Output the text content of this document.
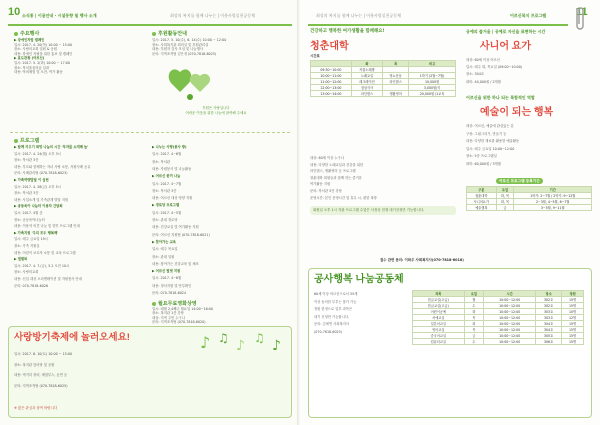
10 소식통 | 이용안내 · 시설동향 및 행사 소개	최상의 복지를 함께 나누는 | 이웃사랑실천공동체
주요행사
▶ 장애인자립 캠페인
일시: 2017. 4. 20(목) 10:00 ~ 15:00
장소: 사랑의교회 일원 & 공원
내용: 장애인 자립을 위한 홍보 및 캠페인
▶ 효도관광 (어르신)
일시: 2017. 5. 2(화) 10:00 ~ 17:00
장소: 북서울꿈의숲 일대
내용: 야외체험 및 오찬, 여가 활동
후원활동안내
일시: 2017. 5. 10(수), 6. 14(수) 10:00 ~ 12:00
장소: 사회복지관 회의실 및 후원관리실
내용: 후원자 감사 모임 및 나눔행사
문의: 지역조직팀 김은정 (070-7818-6025)
후원은 사랑입니다
어려운 이웃을 위한 나눔에 참여해 주세요
프로그램
▶ 함께 키우기 희망 나눔의 시간 '부자를 소개해 놀'
일시: 2017. 4. 24(월) 오후 3시
장소: 북서관 3층
내용: 부모와 함께하는 자녀 사랑 소통, 자원사례 공유
문의: 사례관리팀 (070-7818-6023)
▶ 가족역량발달 이 실현
일시: 2017. 4. 28(금) 오후 5시
장소: 북서관 3층
내용: 사업소개 및 가족관계 발달 지원
▶ 공동육아 나눔터 이용자 간담회
일시: 2017. 4월 중
장소: 공동육아나눔터
내용: 이용자 의견 나눔 및 향후 프로그램 안내
▶ 가족지원 '우리 모두 행복해'
일시: 매주 금요일 19시
장소: 가족 지원실
내용: 어린이 보호자 소통 및 교육 프로그램
▶ 앨범북
일시: 2017. 4. 7.(금), 5.2 오전 10시
장소: 사랑의교회
내용: 신입 대상 오리엔테이션 및 자원봉사 안내
문의: 070-7818-6026
▶ 나누는 사랑(봉사 방)
일시: 2017. 4~6월
장소: 북서관
내용: 자원봉사 및 나눔활동
▶ 어르신 한끼 나눔
일시: 2017. 4~7월
장소: 북서관 3층
내용: 어르신 대상 영양 지원
▶ 경로당 프로그램
일시: 2017. 4~5월
장소: 관내 경로당
내용: 건강교실 및 여가활동 지원
문의: 어르신 지원팀 (070-7818-6021)
▶ 찾아가는 교육
일시: 매주 목요일
장소: 관내 일원
내용: 찾아가는 건강교육 및 체조
▶ 어르신 말벗 지원
일시: 2017. 4~6월
내용: 정서지원 및 안부확인
문의: 070-7818-6024
월요무료영화상영
일시: 매월 2,4째주 월요일 14:00~16:00
장소: 복지관 1층 강당
대상: 지역 주민 누구나
문의: 지역조직팀 (070-7818-6020)
사랑방기축제에 놀러오세요!	♪ ♫ ♪ ♫ ♪
일시: 2017. 6. 10(토) 10:00 ~ 15:00
장소: 복지관 앞마당 및 공원
내용: 먹거리 장터, 체험부스, 공연 등
문의: 지역조직팀 (070-7818-6025)
※ 많은 관심과 참여 바랍니다
최상의 복지를 함께 나누는 | 이웃사랑실천공동체	어르신복지 프로그램	11
건강하고 행복한 여가생활을 함께해요!
청춘대학
시간표
	화	목	비고
09:30~10:00	자율노래방		
10:00~11:00	노래교실	당뇨운동	1학기 (2월~7월)
11:00~12:00	레크레이션	라인댄스	10,000원
12:00~13:00	점심식사		3,000원/식
13:00~14:00	라인댄스	생활영어	20,000원 /1교육
대상: 60세 이상 누구나
내용: 다양한 노래교실과 건강을 위한
라인댄스, 생활영어 등 프로그램
청춘대학 회원들과 함께 하는 즐거운
여가활동 지원
문의: 북서관 5층 강당
운영시간: 본인 운영시간 및 휴무 시, 편한 복장
회원일 오후 1시 자판 프로그램 수업은 사정상 현재 대기신청만 가능합니다.
접수 관련 문의: 이화우 사회복지사(070-7818-6018)
공예의 즐거움 | 공예로 자신을 표현하는 시간
사니어 요가
대상: 60세 이상 어르신
일시: 매주 화, 목요일 (09:00~10:00)
장소: 304호
회비: 40,000원 / 2개월
어르신을 위한 하나 되는 복합적인 역할
예술이 되는 행복
대상: 어르신, 예술에 관심있는 분
구성: 그림그리기, 만들기 등
내용: 다양한 재료를 활용한 예술활동
일시: 매주 금요일 10:00~12:00
장소: 5층 프로그램실
회비: 60,000원 / 3개월
여로신 프로그램 등록기간
구분	요일	기간
청춘대학	화, 목	1학기: 2~7월 / 2학기: 9~12월
사니어요가	화, 목	2~3월, 4~5월, 6~7월
예술행복	금	3~5월, 9~11월
공사행복 나눔공동체
60세 이상 어르신으로서 55세
이상 동의한 부부는 참가 가능
정원 한정으로 일부 과목은
대기 신청만 가능합니다.
문의: 김세연 사회복지사
(070-7818-6025)
과목	요일	시간	장소	정원
한글교실(초급)	월	10:00~12:00	302호	15명
한글교실(고급)	수	10:00~12:00	302호	15명
어린이공예	화	10:00~12:00	303호	10명
서예교실	목	10:00~12:00	303호	12명
일본어교실	화	10:00~12:00	304호	15명
영어교실	목	10:00~12:00	304호	15명
중국어교실	금	10:00~12:00	305호	15명
컴퓨터교실	수	10:00~12:00	306호	15명
